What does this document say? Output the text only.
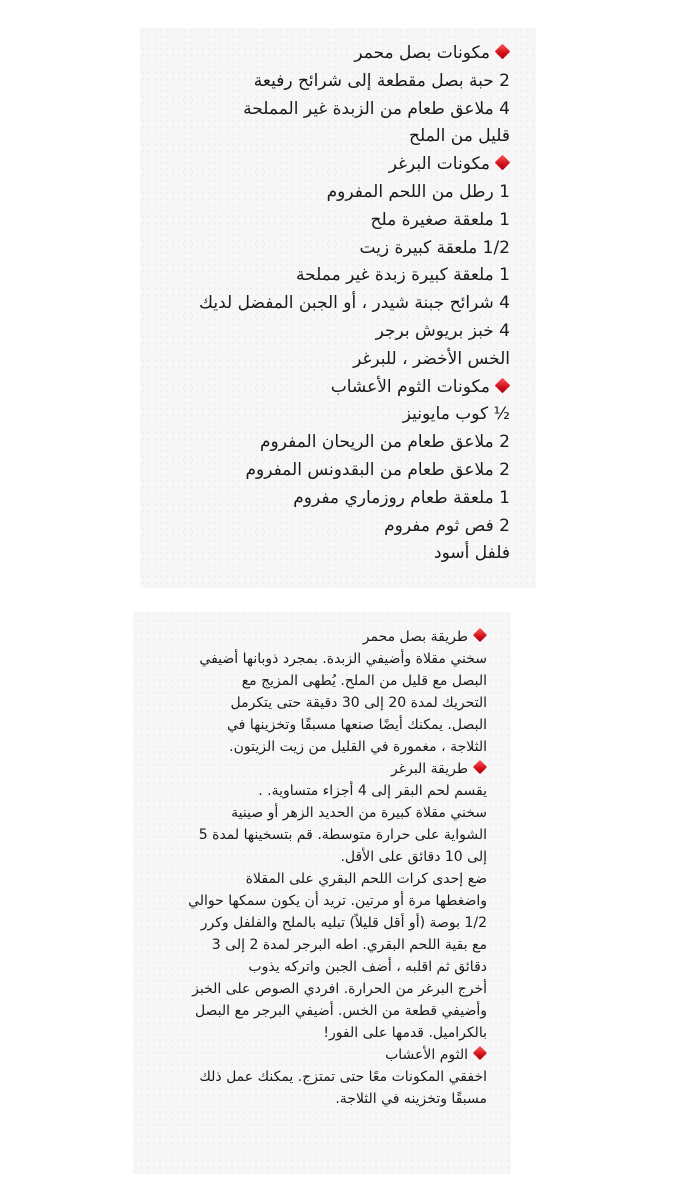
مكونات بصل محمر
2 حبة بصل مقطعة إلى شرائح رفيعة
4 ملاعق طعام من الزبدة غير المملحة
قليل من الملح
مكونات البرغر
1 رطل من اللحم المفروم
1 ملعقة صغيرة ملح
1/2 ملعقة كبيرة زيت
1 ملعقة كبيرة زبدة غير مملحة
4 شرائح جبنة شيدر ، أو الجبن المفضل لديك
4 خبز بريوش برجر
الخس الأخضر ، للبرغر
مكونات الثوم الأعشاب
½ كوب مايونيز
2 ملاعق طعام من الريحان المفروم
2 ملاعق طعام من البقدونس المفروم
1 ملعقة طعام روزماري مفروم
2 فص ثوم مفروم
فلفل أسود

طريقة بصل محمر

سخني مقلاة وأضيفي الزبدة. بمجرد ذوبانها أضيفي
البصل مع قليل من الملح. يُطهى المزيج مع
التحريك لمدة 20 إلى 30 دقيقة حتى يتكرمل
البصل. يمكنك أيضًا صنعها مسبقًا وتخزينها في
الثلاجة ، مغمورة في القليل من زيت الزيتون.

طريقة البرغر

يقسم لحم البقر إلى 4 أجزاء متساوية. .
سخني مقلاة كبيرة من الحديد الزهر أو صينية
الشواية على حرارة متوسطة. قم بتسخينها لمدة 5
إلى 10 دقائق على الأقل.
ضع إحدى كرات اللحم البقري على المقلاة
واضغطها مرة أو مرتين. تريد أن يكون سمكها حوالي
1/2 بوصة (أو أقل قليلاً) تبليه بالملح والفلفل وكرر
مع بقية اللحم البقري. اطه البرجر لمدة 2 إلى 3
دقائق ثم اقلبه ، أضف الجبن واتركه يذوب
أخرج البرغر من الحرارة. افردي الصوص على الخبز
وأضيفي قطعة من الخس. أضيفي البرجر مع البصل
بالكراميل. قدمها على الفور!

الثوم الأعشاب

اخفقي المكونات معًا حتى تمتزج. يمكنك عمل ذلك
مسبقًا وتخزينه في الثلاجة.
